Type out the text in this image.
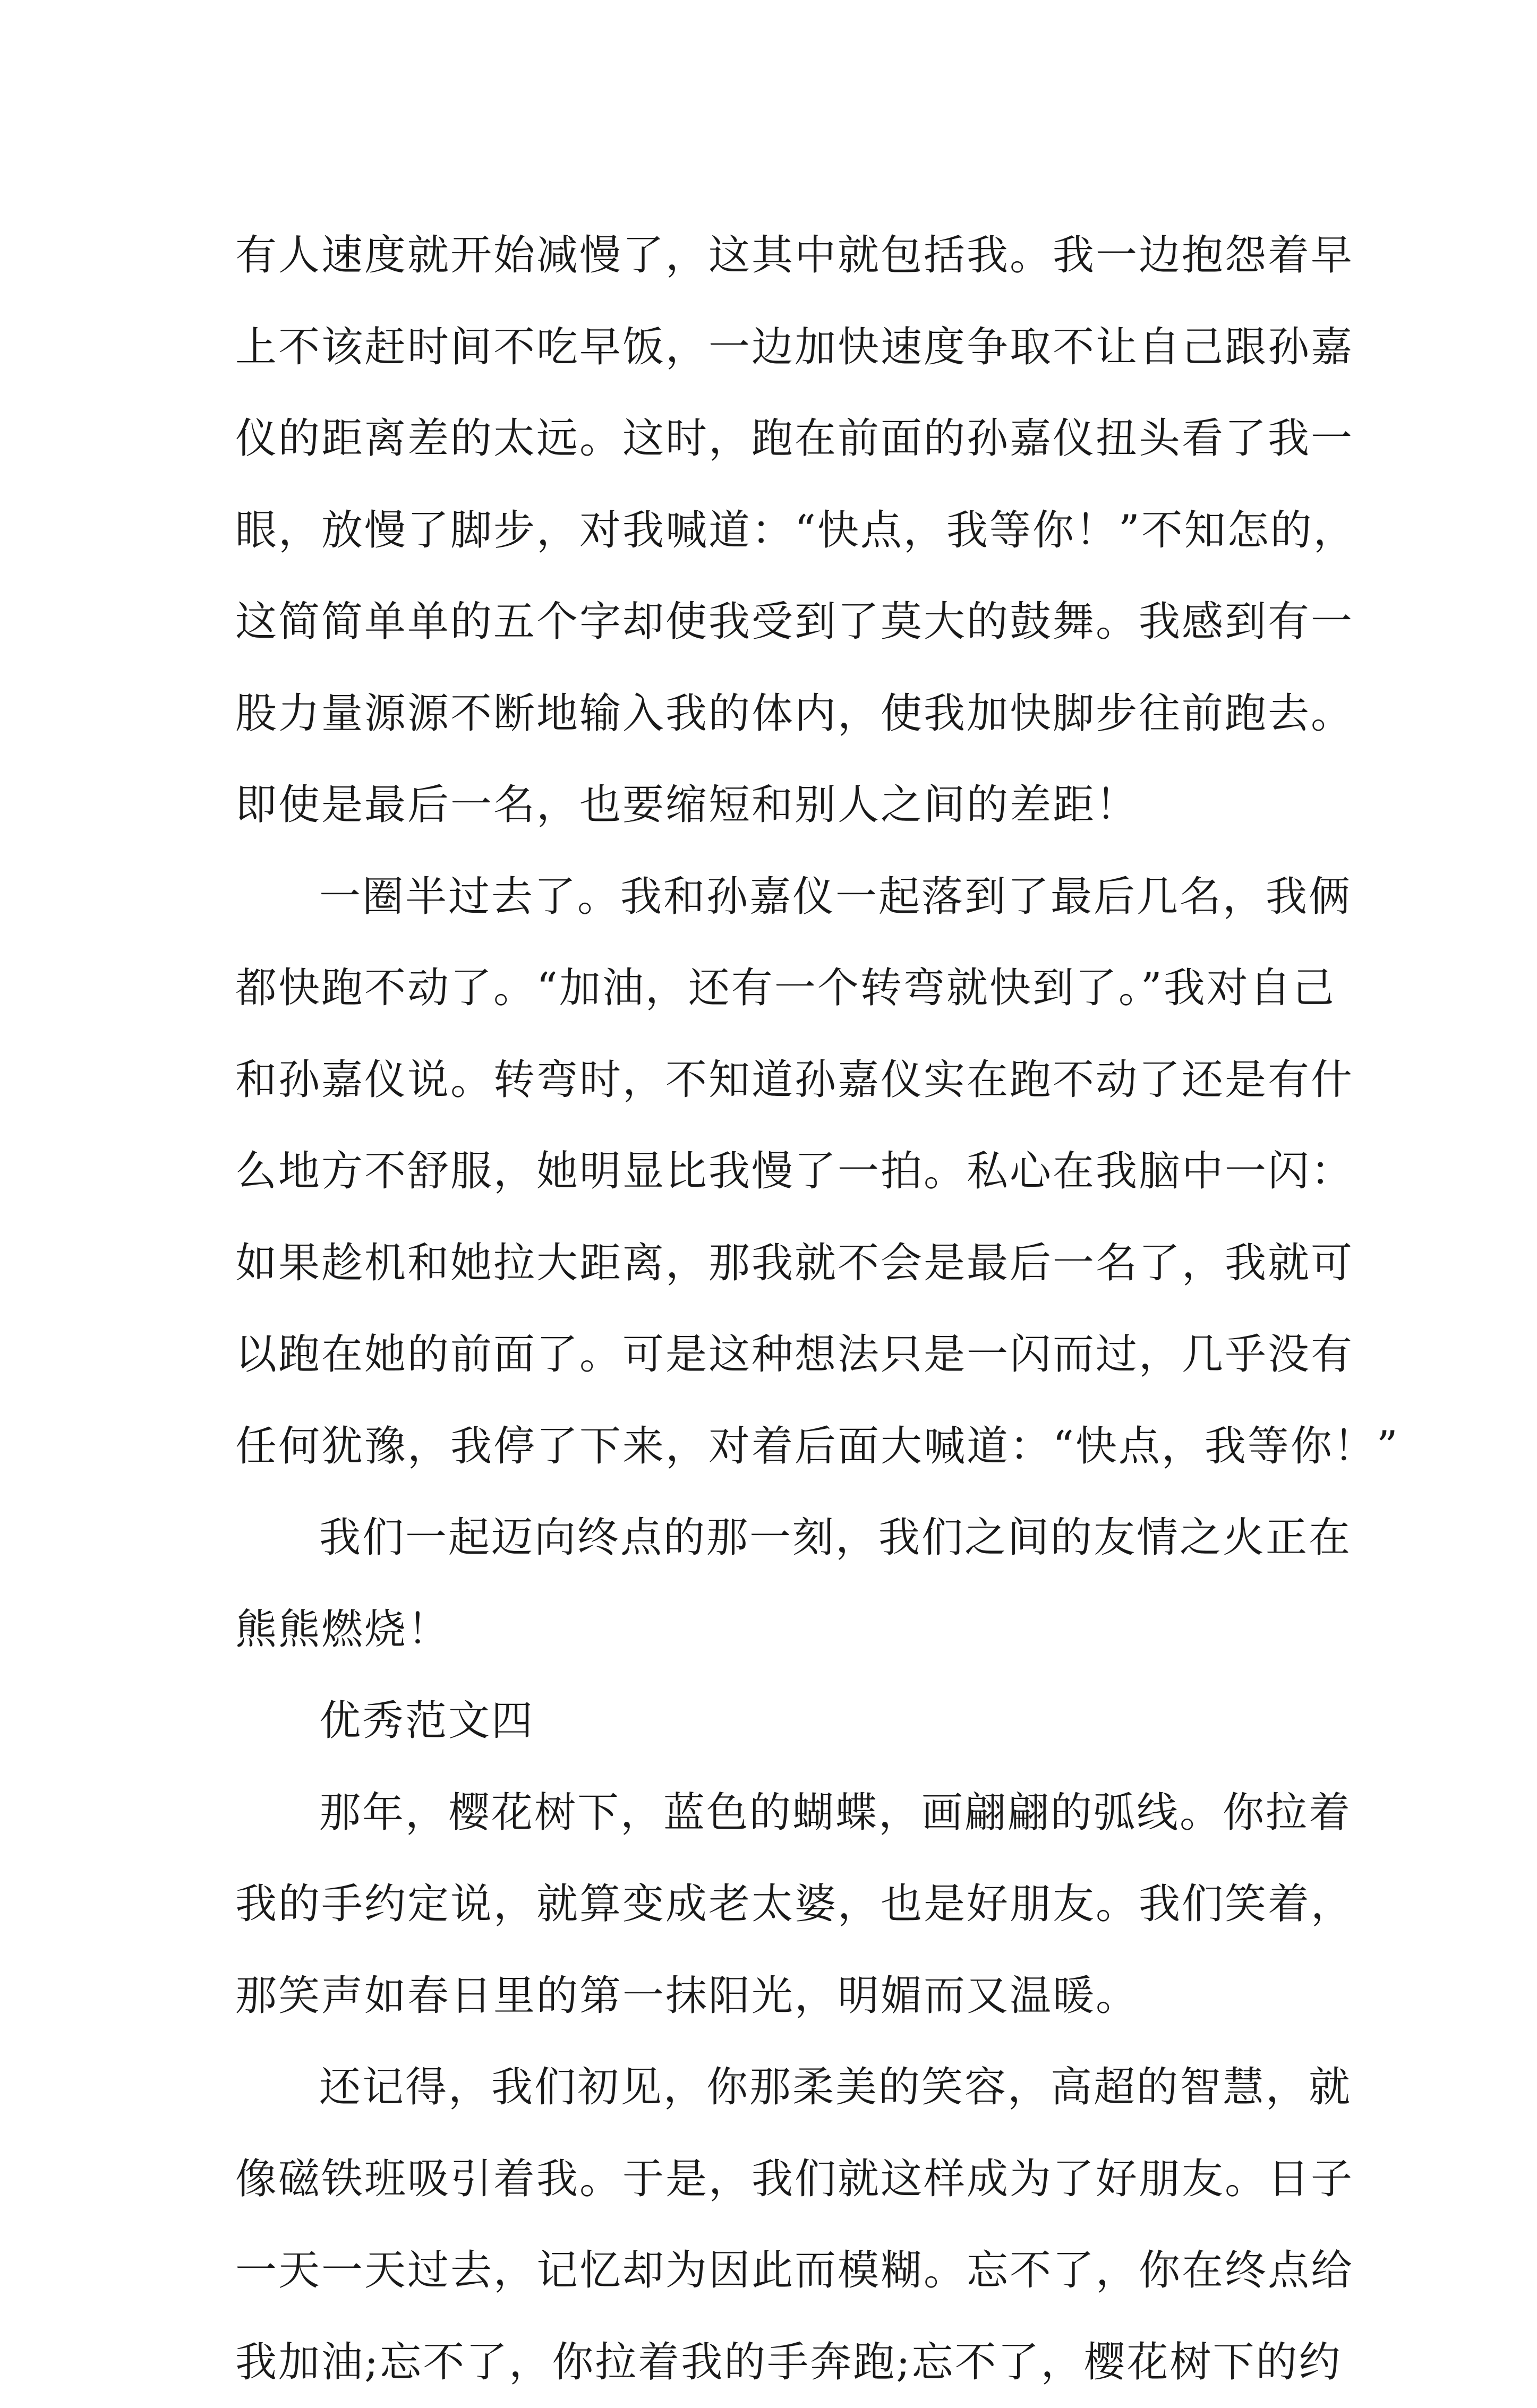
有人速度就开始减慢了，这其中就包括我。我一边抱怨着早
上不该赶时间不吃早饭，一边加快速度争取不让自己跟孙嘉
仪的距离差的太远。这时，跑在前面的孙嘉仪扭头看了我一
眼，放慢了脚步，对我喊道：“快点，我等你！”不知怎的，
这简简单单的五个字却使我受到了莫大的鼓舞。我感到有一
股力量源源不断地输入我的体内，使我加快脚步往前跑去。
即使是最后一名，也要缩短和别人之间的差距！
一圈半过去了。我和孙嘉仪一起落到了最后几名，我俩
都快跑不动了。“加油，还有一个转弯就快到了。”我对自己
和孙嘉仪说。转弯时，不知道孙嘉仪实在跑不动了还是有什
么地方不舒服，她明显比我慢了一拍。私心在我脑中一闪：
如果趁机和她拉大距离，那我就不会是最后一名了，我就可
以跑在她的前面了。可是这种想法只是一闪而过，几乎没有
任何犹豫，我停了下来，对着后面大喊道：“快点，我等你！”
我们一起迈向终点的那一刻，我们之间的友情之火正在
熊熊燃烧！
优秀范文四
那年，樱花树下，蓝色的蝴蝶，画翩翩的弧线。你拉着
我的手约定说，就算变成老太婆，也是好朋友。我们笑着，
那笑声如春日里的第一抹阳光，明媚而又温暖。
还记得，我们初见，你那柔美的笑容，高超的智慧，就
像磁铁班吸引着我。于是，我们就这样成为了好朋友。日子
一天一天过去，记忆却为因此而模糊。忘不了，你在终点给
我加油;忘不了，你拉着我的手奔跑;忘不了，樱花树下的约
